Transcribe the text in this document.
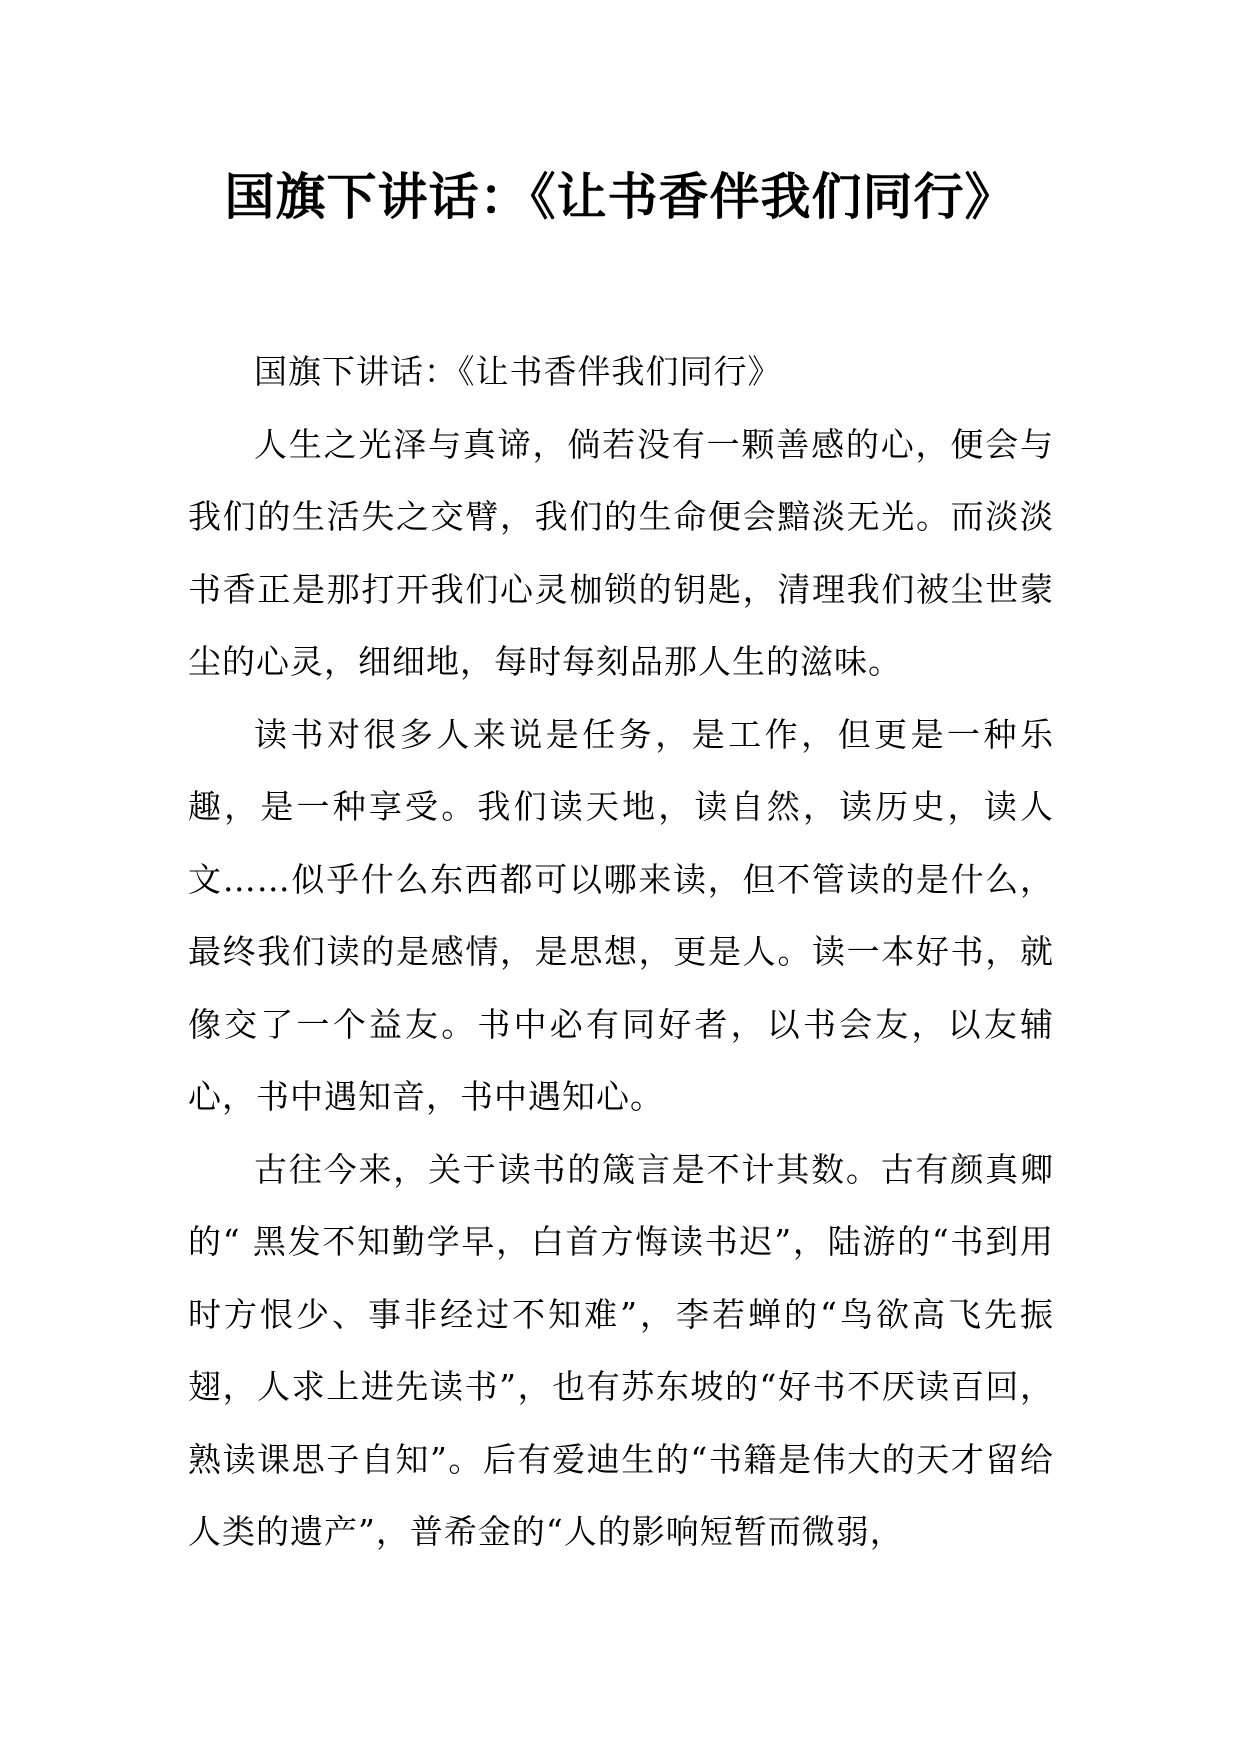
国旗下讲话：《让书香伴我们同行》

国旗下讲话：《让书香伴我们同行》

人生之光泽与真谛，倘若没有一颗善感的心，便会与我们的生活失之交臂，我们的生命便会黯淡无光。而淡淡书香正是那打开我们心灵枷锁的钥匙，清理我们被尘世蒙尘的心灵，细细地，每时每刻品那人生的滋味。

读书对很多人来说是任务，是工作，但更是一种乐趣，是一种享受。我们读天地，读自然，读历史，读人文……似乎什么东西都可以哪来读，但不管读的是什么，最终我们读的是感情，是思想，更是人。读一本好书，就像交了一个益友。书中必有同好者，以书会友，以友辅心，书中遇知音，书中遇知心。

古往今来，关于读书的箴言是不计其数。古有颜真卿的“ 黑发不知勤学早，白首方悔读书迟”，陆游的“书到用时方恨少、事非经过不知难”，李若蝉的“鸟欲高飞先振翅，人求上进先读书”，也有苏东坡的“好书不厌读百回，熟读课思子自知”。后有爱迪生的“书籍是伟大的天才留给人类的遗产”，普希金的“人的影响短暂而微弱，
